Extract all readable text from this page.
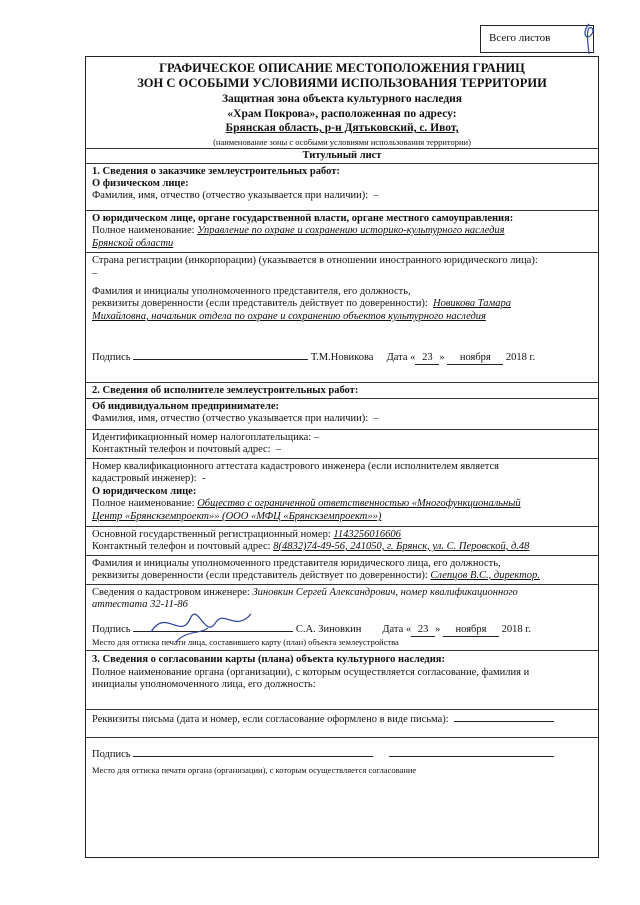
Всего листов
ГРАФИЧЕСКОЕ ОПИСАНИЕ МЕСТОПОЛОЖЕНИЯ ГРАНИЦ
ЗОН С ОСОБЫМИ УСЛОВИЯМИ ИСПОЛЬЗОВАНИЯ ТЕРРИТОРИИ
Защитная зона объекта культурного наследия
«Храм Покрова», расположенная по адресу:
Брянская область, р-н Дятьковский, с. Ивот,
(наименование зоны с особыми условиями использования территории)
Титульный лист
1. Сведения о заказчике землеустроительных работ:
О физическом лице:
Фамилия, имя, отчество (отчество указывается при наличии): –
О юридическом лице, органе государственной власти, органе местного самоуправления:
Полное наименование: Управление по охране и сохранению историко-культурного наследия
Брянской области
Страна регистрации (инкорпорации) (указывается в отношении иностранного юридического лица):
–
Фамилия и инициалы уполномоченного представителя, его должность,
реквизиты доверенности (если представитель действует по доверенности): Новикова Тамара
Михайловна, начальник отдела по охране и сохранению объектов культурного наследия
Подпись	Т.М.Новикова Дата « 23 » ноября 2018 г.
2. Сведения об исполнителе землеустроительных работ:
Об индивидуальном предпринимателе:
Фамилия, имя, отчество (отчество указывается при наличии): –
Идентификационный номер налогоплательщика: –
Контактный телефон и почтовый адрес: –
Номер квалификационного аттестата кадастрового инженера (если исполнителем является
кадастровый инженер): -
О юридическом лице:
Полное наименование: Общество с ограниченной ответственностью «Многофункциональный
Центр «Брянскземпроект»» (ООО «МФЦ «Брянскземпроект»»)
Основной государственный регистрационный номер: 1143256016606
Контактный телефон и почтовый адрес: 8(4832)74-49-56, 241050, г. Брянск, ул. С. Перовской, д.48
Фамилия и инициалы уполномоченного представителя юридического лица, его должность,
реквизиты доверенности (если представитель действует по доверенности): Слепцов В.С., директор.
Сведения о кадастровом инженере: Зиновкин Сергей Александрович, номер квалификационного
аттестата 32-11-86
Подпись	С.А. Зиновкин Дата « 23 » ноября 2018 г.
Место для оттиска печати лица, составившего карту (план) объекта землеустройства
3. Сведения о согласовании карты (плана) объекта культурного наследия:
Полное наименование органа (организации), с которым осуществляется согласование, фамилия и
инициалы уполномоченного лица, его должность:
Реквизиты письма (дата и номер, если согласование оформлено в виде письма):
Подпись
Место для оттиска печати органа (организации), с которым осуществляется согласование
